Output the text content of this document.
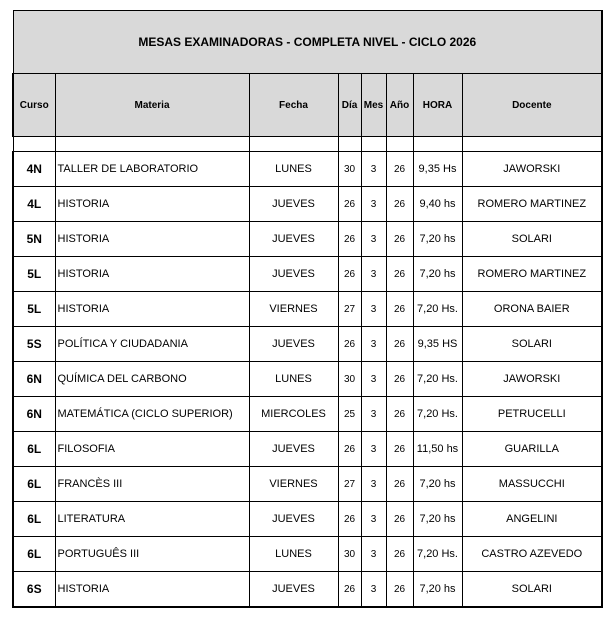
MESAS EXAMINADORAS - COMPLETA NIVEL - CICLO 2026							
Curso	Materia	Fecha	Día	Mes	Año	HORA	Docente

4N	TALLER DE LABORATORIO	LUNES	30	3	26	9,35 Hs	JAWORSKI
4L	HISTORIA	JUEVES	26	3	26	9,40 hs	ROMERO MARTINEZ
5N	HISTORIA	JUEVES	26	3	26	7,20 hs	SOLARI
5L	HISTORIA	JUEVES	26	3	26	7,20 hs	ROMERO MARTINEZ
5L	HISTORIA	VIERNES	27	3	26	7,20 Hs.	ORONA BAIER
5S	POLÍTICA Y CIUDADANIA	JUEVES	26	3	26	9,35 HS	SOLARI
6N	QUÍMICA DEL CARBONO	LUNES	30	3	26	7,20 Hs.	JAWORSKI
6N	MATEMÁTICA (CICLO SUPERIOR)	MIERCOLES	25	3	26	7,20 Hs.	PETRUCELLI
6L	FILOSOFIA	JUEVES	26	3	26	11,50 hs	GUARILLA
6L	FRANCÈS III	VIERNES	27	3	26	7,20 hs	MASSUCCHI
6L	LITERATURA	JUEVES	26	3	26	7,20 hs	ANGELINI
6L	PORTUGUÊS III	LUNES	30	3	26	7,20 Hs.	CASTRO AZEVEDO
6S	HISTORIA	JUEVES	26	3	26	7,20 hs	SOLARI
